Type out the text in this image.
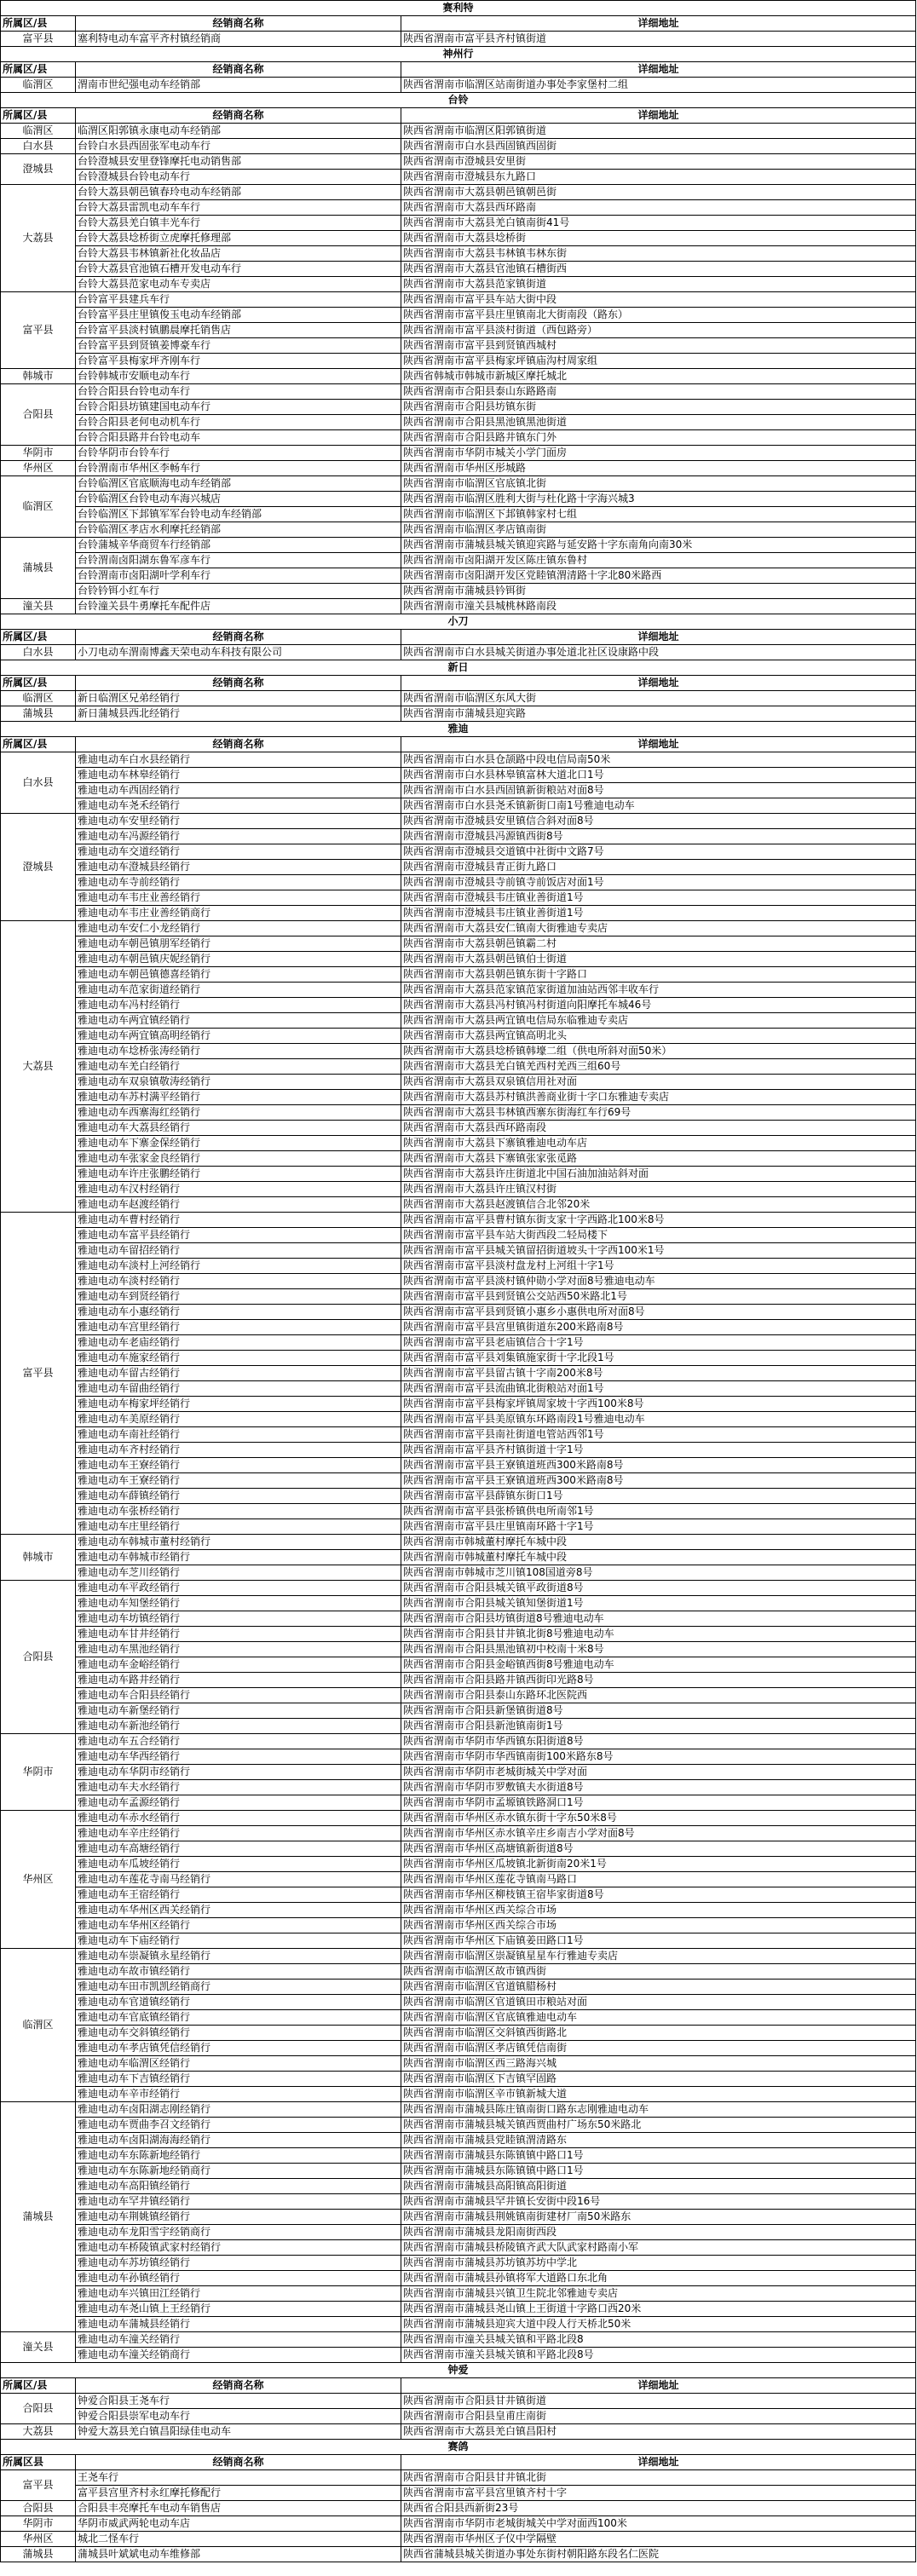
赛利特		
所属区/县	经销商名称	详细地址
富平县	塞利特电动车富平齐村镇经销商	陕西省渭南市富平县齐村镇街道
神州行		
所属区/县	经销商名称	详细地址
临渭区	渭南市世纪强电动车经销部	陕西省渭南市临渭区站南街道办事处李家堡村二组
台铃		
所属区/县	经销商名称	详细地址
临渭区	临渭区阳郭镇永康电动车经销部	陕西省渭南市临渭区阳郭镇街道
白水县	台铃白水县西固张军电动车行	陕西省渭南市白水县西固镇西固街
澄城县	台铃澄城县安里登锋摩托电动销售部	陕西省渭南市澄城县安里街
	台铃澄城县台铃电动车行	陕西省渭南市澄城县东九路口
大荔县	台铃大荔县朝邑镇春玲电动车经销部	陕西省渭南市大荔县朝邑镇朝邑街
	台铃大荔县雷凯电动车车行	陕西省渭南市大荔县西环路南
	台铃大荔县羌白镇丰光车行	陕西省渭南市大荔县羌白镇南街41号
	台铃大荔县埝桥街立虎摩托修理部	陕西省渭南市大荔县埝桥街
	台铃大荔县韦林镇新社化妆品店	陕西省渭南市大荔县韦林镇韦林东街
	台铃大荔县官池镇石槽开发电动车行	陕西省渭南市大荔县官池镇石槽街西
	台铃大荔县范家电动车专卖店	陕西省渭南市大荔县范家镇街道
富平县	台铃富平县建兵车行	陕西省渭南市富平县车站大街中段
	台铃富平县庄里镇俊玉电动车经销部	陕西省渭南市富平县庄里镇南北大街南段（路东）
	台铃富平县淡村镇鹏晨摩托销售店	陕西省渭南市富平县淡村街道（西包路旁）
	台铃富平县到贤镇姜博豪车行	陕西省渭南市富平县到贤镇西城村
	台铃富平县梅家坪齐刚车行	陕西省渭南市富平县梅家坪镇庙沟村周家组
韩城市	台铃韩城市安顺电动车行	陕西省韩城市韩城市新城区摩托城北
合阳县	台铃合阳县台铃电动车行	陕西省渭南市合阳县泰山东路路南
	台铃合阳县坊镇建国电动车行	陕西省渭南市合阳县坊镇东街
	台铃合阳县老何电动机车行	陕西省渭南市合阳县黑池镇黑池街道
	台铃合阳县路井台铃电动车	陕西省渭南市合阳县路井镇东门外
华阴市	台铃华阴市台铃车行	陕西省渭南市华阴市城关小学门面房
华州区	台铃渭南市华州区李畅车行	陕西省渭南市华州区彤城路
临渭区	台铃临渭区官底顺海电动车经销部	陕西省渭南市临渭区官底镇北街
	台铃临渭区台铃电动车海兴城店	陕西省渭南市临渭区胜利大街与杜化路十字海兴城3
	台铃临渭区下邽镇军军台铃电动车经销部	陕西省渭南市临渭区下邽镇韩家村七组
	台铃临渭区孝店水利摩托经销部	陕西省渭南市临渭区孝店镇南街
蒲城县	台铃蒲城辛华商贸车行经销部	陕西省渭南市蒲城县城关镇迎宾路与延安路十字东南角向南30米
	台铃渭南卤阳湖东鲁军彦车行	陕西省渭南市卤阳湖开发区陈庄镇东鲁村
	台铃渭南市卤阳湖叶学利车行	陕西省渭南市卤阳湖开发区党睦镇渭清路十字北80米路西
	台铃钤铒小红车行	陕西省渭南市蒲城县钤铒街
潼关县	台铃潼关县牛勇摩托车配件店	陕西省渭南市潼关县城桃林路南段
小刀		
所属区/县	经销商名称	详细地址
白水县	小刀电动车渭南博鑫天荣电动车科技有限公司	陕西省渭南市白水县城关街道办事处道北社区设康路中段
新日		
所属区/县	经销商名称	详细地址
临渭区	新日临渭区兄弟经销行	陕西省渭南市临渭区东风大街
蒲城县	新日蒲城县西北经销行	陕西省渭南市蒲城县迎宾路
雅迪		
所属区/县	经销商名称	详细地址
白水县	雅迪电动车白水县经销行	陕西省渭南市白水县仓颉路中段电信局南50米
	雅迪电动车林皋经销行	陕西省渭南市白水县林皋镇富林大道北口1号
	雅迪电动车西固经销行	陕西省渭南市白水县西固镇新街粮站对面8号
	雅迪电动车尧禾经销行	陕西省渭南市白水县尧禾镇新街口南1号雅迪电动车
澄城县	雅迪电动车安里经销行	陕西省渭南市澄城县安里镇信合斜对面8号
	雅迪电动车冯源经销行	陕西省渭南市澄城县冯源镇西街8号
	雅迪电动车交道经销行	陕西省渭南市澄城县交道镇中社街中文路7号
	雅迪电动车澄城县经销行	陕西省渭南市澄城县青正街九路口
	雅迪电动车寺前经销行	陕西省渭南市澄城县寺前镇寺前饭店对面1号
	雅迪电动车韦庄业善经销行	陕西省渭南市澄城县韦庄镇业善街道1号
	雅迪电动车韦庄业善经销商行	陕西省渭南市澄城县韦庄镇业善街道1号
大荔县	雅迪电动车安仁小龙经销行	陕西省渭南市大荔县安仁镇南大街雅迪专卖店
	雅迪电动车朝邑镇朋军经销行	陕西省渭南市大荔县朝邑镇霸二村
	雅迪电动车朝邑镇庆妮经销行	陕西省渭南市大荔县朝邑镇伯士街道
	雅迪电动车朝邑镇德喜经销行	陕西省渭南市大荔县朝邑镇东街十字路口
	雅迪电动车范家街道经销行	陕西省渭南市大荔县范家镇范家街道加油站西邻丰收车行
	雅迪电动车冯村经销行	陕西省渭南市大荔县冯村镇冯村街道向阳摩托车城46号
	雅迪电动车两宜镇经销行	陕西省渭南市大荔县两宜镇电信局东临雅迪专卖店
	雅迪电动车两宜镇高明经销行	陕西省渭南市大荔县两宜镇高明北头
	雅迪电动车埝桥张涛经销行	陕西省渭南市大荔县埝桥镇韩壕二组（供电所斜对面50米）
	雅迪电动车羌白经销行	陕西省渭南市大荔县羌白镇羌西村羌西三组60号
	雅迪电动车双泉镇敬涛经销行	陕西省渭南市大荔县双泉镇信用社对面
	雅迪电动车苏村满平经销行	陕西省渭南市大荔县苏村镇洪善商业街十字口东雅迪专卖店
	雅迪电动车西寨海红经销行	陕西省渭南市大荔县韦林镇西寨东街海红车行69号
	雅迪电动车大荔县经销行	陕西省渭南市大荔县西环路南段
	雅迪电动车下寨金保经销行	陕西省渭南市大荔县下寨镇雅迪电动车店
	雅迪电动车张家金良经销行	陕西省渭南市大荔县下寨镇张家张觅路
	雅迪电动车许庄张鹏经销行	陕西省渭南市大荔县许庄街道北中国石油加油站斜对面
	雅迪电动车汉村经销行	陕西省渭南市大荔县许庄镇汉村街
	雅迪电动车赵渡经销行	陕西省渭南市大荔县赵渡镇信合北邻20米
富平县	雅迪电动车曹村经销行	陕西省渭南市富平县曹村镇东街支家十字西路北100米8号
	雅迪电动车富平县经销行	陕西省渭南市富平县车站大街西段二轻局楼下
	雅迪电动车留招经销行	陕西省渭南市富平县城关镇留招街道坡头十字西100米1号
	雅迪电动车淡村上河经销行	陕西省渭南市富平县淡村盘龙村上河组十字1号
	雅迪电动车淡村经销行	陕西省渭南市富平县淡村镇仲勋小学对面8号雅迪电动车
	雅迪电动车到贤经销行	陕西省渭南市富平县到贤镇公交站西50米路北1号
	雅迪电动车小惠经销行	陕西省渭南市富平县到贤镇小惠乡小惠供电所对面8号
	雅迪电动车宫里经销行	陕西省渭南市富平县宫里镇街道东200米路南8号
	雅迪电动车老庙经销行	陕西省渭南市富平县老庙镇信合十字1号
	雅迪电动车施家经销行	陕西省渭南市富平县刘集镇施家街十字北段1号
	雅迪电动车留古经销行	陕西省渭南市富平县留古镇十字南200米8号
	雅迪电动车留曲经销行	陕西省渭南市富平县流曲镇北街粮站对面1号
	雅迪电动车梅家坪经销行	陕西省渭南市富平县梅家坪镇周家坡十字西100米8号
	雅迪电动车美原经销行	陕西省渭南市富平县美原镇东环路南段1号雅迪电动车
	雅迪电动车南社经销行	陕西省渭南市富平县南社街道电管站西邻1号
	雅迪电动车齐村经销行	陕西省渭南市富平县齐村镇街道十字1号
	雅迪电动车王寮经销行	陕西省渭南市富平县王寮镇道班西300米路南8号
	雅迪电动车王寮经销行	陕西省渭南市富平县王寮镇道班西300米路南8号
	雅迪电动车薛镇经销行	陕西省渭南市富平县薛镇东街口1号
	雅迪电动车张桥经销行	陕西省渭南市富平县张桥镇供电所南邻1号
	雅迪电动车庄里经销行	陕西省渭南市富平县庄里镇南环路十字1号
韩城市	雅迪电动车韩城市董村经销行	陕西省渭南市韩城董村摩托车城中段
	雅迪电动车韩城市经销行	陕西省渭南市韩城董村摩托车城中段
	雅迪电动车芝川经销行	陕西省渭南市韩城市芝川镇108国道旁8号
合阳县	雅迪电动车平政经销行	陕西省渭南市合阳县城关镇平政街道8号
	雅迪电动车知堡经销行	陕西省渭南市合阳县城关镇知堡街道1号
	雅迪电动车坊镇经销行	陕西省渭南市合阳县坊镇街道8号雅迪电动车
	雅迪电动车甘井经销行	陕西省渭南市合阳县甘井镇北街8号雅迪电动车
	雅迪电动车黑池经销行	陕西省渭南市合阳县黑池镇初中校南十米8号
	雅迪电动车金峪经销行	陕西省渭南市合阳县金峪镇西街8号雅迪电动车
	雅迪电动车路井经销行	陕西省渭南市合阳县路井镇西街印光路8号
	雅迪电动车合阳县经销行	陕西省渭南市合阳县泰山东路环北医院西
	雅迪电动车新堡经销行	陕西省渭南市合阳县新堡镇街道8号
	雅迪电动车新池经销行	陕西省渭南市合阳县新池镇南街1号
华阴市	雅迪电动车五合经销行	陕西省渭南市华阴市华西镇东阳街道8号
	雅迪电动车华西经销行	陕西省渭南市华阴市华西镇南街100米路东8号
	雅迪电动车华阴市经销行	陕西省渭南市华阴市老城街城关中学对面
	雅迪电动车夫水经销行	陕西省渭南市华阴市罗敷镇夫水街道8号
	雅迪电动车孟源经销行	陕西省渭南市华阴市孟塬镇铁路洞口1号
华州区	雅迪电动车赤水经销行	陕西省渭南市华州区赤水镇东街十字东50米8号
	雅迪电动车辛庄经销行	陕西省渭南市华州区赤水镇辛庄乡南吉小学对面8号
	雅迪电动车高塘经销行	陕西省渭南市华州区高塘镇新街道8号
	雅迪电动车瓜坡经销行	陕西省渭南市华州区瓜坡镇北新街南20米1号
	雅迪电动车莲花寺南马经销行	陕西省渭南市华州区莲花寺镇南马路口
	雅迪电动车王宿经销行	陕西省渭南市华州区柳枝镇王宿毕家街道8号
	雅迪电动车华州区西关经销行	陕西省渭南市华州区西关综合市场
	雅迪电动车华州区经销行	陕西省渭南市华州区西关综合市场
	雅迪电动车下庙经销行	陕西省渭南市华州区下庙镇姜田路口1号
临渭区	雅迪电动车崇凝镇永星经销行	陕西省渭南市临渭区崇凝镇星星车行雅迪专卖店
	雅迪电动车故市镇经销行	陕西省渭南市临渭区故市镇西街
	雅迪电动车田市凯凯经销商行	陕西省渭南市临渭区官道镇腊杨村
	雅迪电动车官道镇经销行	陕西省渭南市临渭区官道镇田市粮站对面
	雅迪电动车官底镇经销行	陕西省渭南市临渭区官底镇雅迪电动车
	雅迪电动车交斜镇经销行	陕西省渭南市临渭区交斜镇西街路北
	雅迪电动车孝店镇凭信经销行	陕西省渭南市临渭区孝店镇凭信南街
	雅迪电动车临渭区经销行	陕西省渭南市临渭区西三路海兴城
	雅迪电动车下吉镇经销行	陕西省渭南市临渭区下吉镇罕固路
	雅迪电动车辛市经销行	陕西省渭南市临渭区辛市镇新城大道
蒲城县	雅迪电动车卤阳湖志刚经销行	陕西省渭南市蒲城县陈庄镇南街口路东志刚雅迪电动车
	雅迪电动车贾曲李召文经销行	陕西省渭南市蒲城县城关镇西贾曲村广场东50米路北
	雅迪电动车卤阳湖海海经销行	陕西省渭南市蒲城县党睦镇渭清路东
	雅迪电动车东陈新地经销行	陕西省渭南市蒲城县东陈镇镇中路口1号
	雅迪电动车东陈新地经销商行	陕西省渭南市蒲城县东陈镇镇中路口1号
	雅迪电动车高阳镇经销行	陕西省渭南市蒲城县高阳镇高阳街道
	雅迪电动车罕井镇经销行	陕西省渭南市蒲城县罕井镇长安街中段16号
	雅迪电动车荆姚镇经销行	陕西省渭南市蒲城县荆姚镇南街建材厂南50米路东
	雅迪电动车龙阳雪宇经销商行	陕西省渭南市蒲城县龙阳南街西段
	雅迪电动车桥陵镇武家村经销行	陕西省渭南市蒲城县桥陵镇齐武大队武家村路南小军
	雅迪电动车苏坊镇经销行	陕西省渭南市蒲城县苏坊镇苏坊中学北
	雅迪电动车孙镇经销行	陕西省渭南市蒲城县孙镇将军大道路口东北角
	雅迪电动车兴镇田江经销行	陕西省渭南市蒲城县兴镇卫生院北邻雅迪专卖店
	雅迪电动车尧山镇上王经销行	陕西省渭南市蒲城县尧山镇上王街道十字路口西20米
	雅迪电动车蒲城县经销行	陕西省渭南市蒲城县迎宾大道中段人行天桥北50米
潼关县	雅迪电动车潼关经销行	陕西省渭南市潼关县城关镇和平路北段8
	雅迪电动车潼关经销商行	陕西省渭南市潼关县城关镇和平路北段8号
钟爱		
所属区/县	经销商名称	详细地址
合阳县	钟爱合阳县王尧车行	陕西省渭南市合阳县甘井镇街道
	钟爱合阳县崇军电动车行	陕西省渭南市合阳县皇甫庄南街
大荔县	钟爱大荔县羌白镇昌阳绿佳电动车	陕西省渭南市大荔县羌白镇昌阳村
赛鸽		
所属区县	经销商名称	详细地址
富平县	王尧车行	陕西省渭南市合阳县甘井镇北街
	富平县宫里齐村永红摩托修配行	陕西省渭南市富平县宫里镇齐村十字
合阳县	合阳县丰亮摩托车电动车销售店	陕西省合阳县西新街23号
华阴市	华阴市威武两轮电动车店	陕西省渭南市华阴市老城街城关中学对面西100米
华州区	城北二怪车行	陕西省渭南市华州区子仪中学隔壁
蒲城县	蒲城县叶斌斌电动车维修部	陕西省蒲城县城关街道办事处东街村朝阳路东段名仁医院
